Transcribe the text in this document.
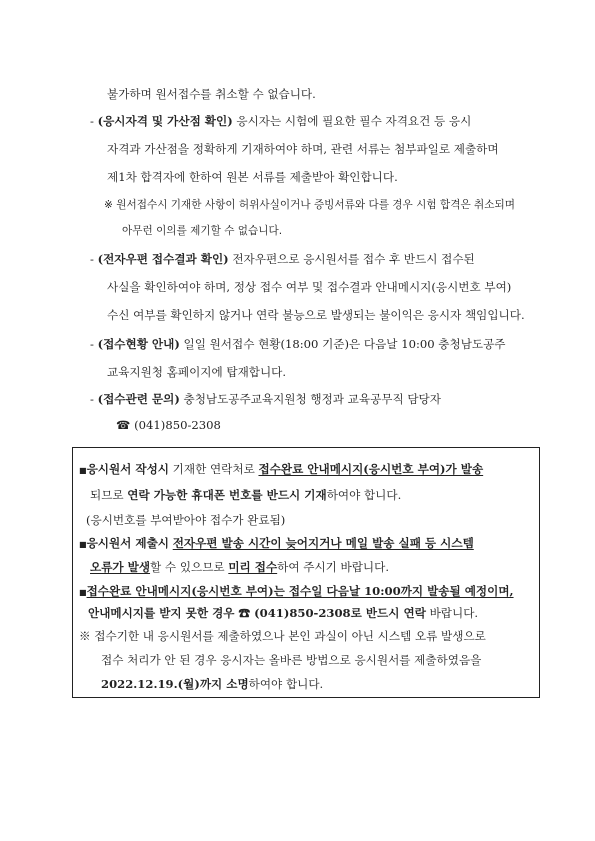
불가하며 원서접수를 취소할 수 없습니다.
- (응시자격 및 가산점 확인) 응시자는 시험에 필요한 필수 자격요건 등 응시
자격과 가산점을 정확하게 기재하여야 하며, 관련 서류는 첨부파일로 제출하며
제1차 합격자에 한하여 원본 서류를 제출받아 확인합니다.
※ 원서접수시 기재한 사항이 허위사실이거나 증빙서류와 다를 경우 시험 합격은 취소되며
아무런 이의를 제기할 수 없습니다.
- (전자우편 접수결과 확인) 전자우편으로 응시원서를 접수 후 반드시 접수된
사실을 확인하여야 하며, 정상 접수 여부 및 접수결과 안내메시지(응시번호 부여)
수신 여부를 확인하지 않거나 연락 불능으로 발생되는 불이익은 응시자 책임입니다.
- (접수현황 안내) 일일 원서접수 현황(18:00 기준)은 다음날 10:00 충청남도공주
교육지원청 홈페이지에 탑재합니다.
- (접수관련 문의) 충청남도공주교육지원청 행정과 교육공무직 담당자
☎ (041)850-2308
■응시원서 작성시 기재한 연락처로 접수완료 안내메시지(응시번호 부여)가 발송
되므로 연락 가능한 휴대폰 번호를 반드시 기재하여야 합니다.
(응시번호를 부여받아야 접수가 완료됨)
■응시원서 제출시 전자우편 발송 시간이 늦어지거나 메일 발송 실패 등 시스템
오류가 발생할 수 있으므로 미리 접수하여 주시기 바랍니다.
■접수완료 안내메시지(응시번호 부여)는 접수일 다음날 10:00까지 발송될 예정이며,
안내메시지를 받지 못한 경우 ☎ (041)850-2308로 반드시 연락 바랍니다.
※ 접수기한 내 응시원서를 제출하였으나 본인 과실이 아닌 시스템 오류 발생으로
접수 처리가 안 된 경우 응시자는 올바른 방법으로 응시원서를 제출하였음을
2022.12.19.(월)까지 소명하여야 합니다.
